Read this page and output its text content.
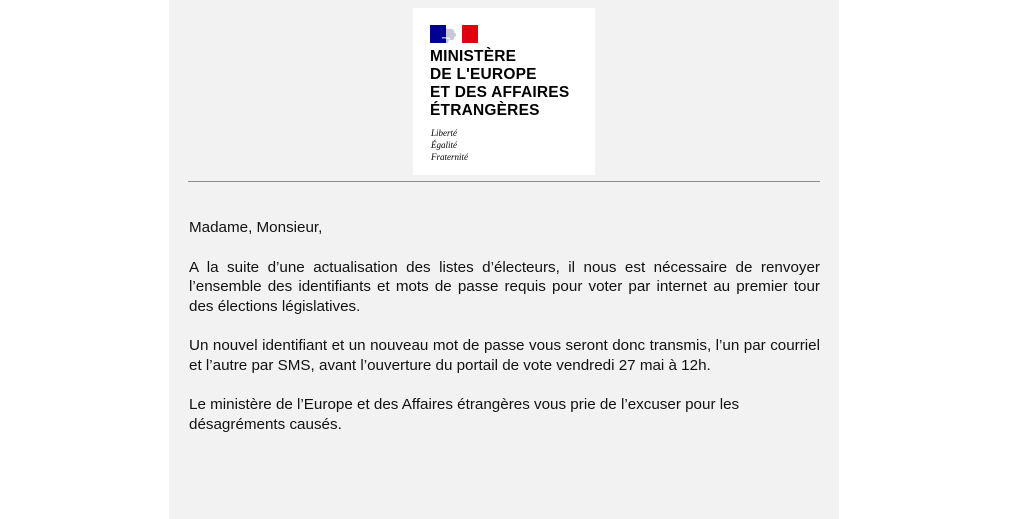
MINISTÈRE
DE L'EUROPE
ET DES AFFAIRES
ÉTRANGÈRES
Liberté
Égalité
Fraternité

Madame, Monsieur,

A la suite d’une actualisation des listes d’électeurs, il nous est nécessaire de renvoyer l’ensemble des identifiants et mots de passe requis pour voter par internet au premier tour des élections législatives.

Un nouvel identifiant et un nouveau mot de passe vous seront donc transmis, l’un par courriel et l’autre par SMS, avant l’ouverture du portail de vote vendredi 27 mai à 12h.

Le ministère de l’Europe et des Affaires étrangères vous prie de l’excuser pour les désagréments causés.
